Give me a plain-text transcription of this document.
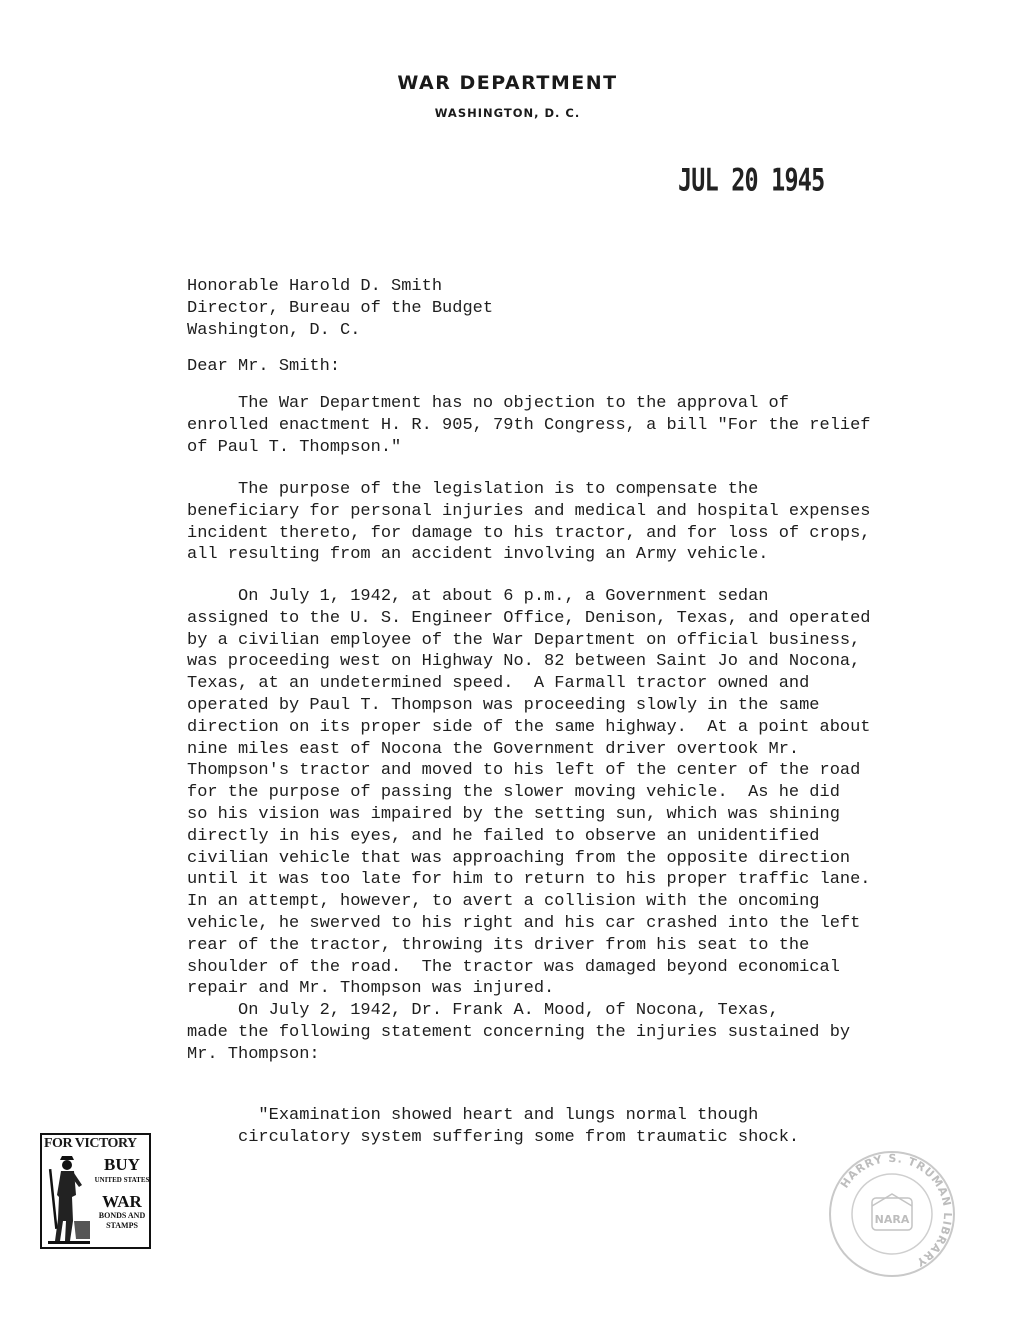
WAR DEPARTMENT
WASHINGTON, D. C.
JUL 20 1945
Honorable Harold D. Smith
Director, Bureau of the Budget
Washington, D. C.
Dear Mr. Smith:
The War Department has no objection to the approval of
enrolled enactment H. R. 905, 79th Congress, a bill "For the relief
of Paul T. Thompson."
The purpose of the legislation is to compensate the
beneficiary for personal injuries and medical and hospital expenses
incident thereto, for damage to his tractor, and for loss of crops,
all resulting from an accident involving an Army vehicle.
On July 1, 1942, at about 6 p.m., a Government sedan
assigned to the U. S. Engineer Office, Denison, Texas, and operated
by a civilian employee of the War Department on official business,
was proceeding west on Highway No. 82 between Saint Jo and Nocona,
Texas, at an undetermined speed.  A Farmall tractor owned and
operated by Paul T. Thompson was proceeding slowly in the same
direction on its proper side of the same highway.  At a point about
nine miles east of Nocona the Government driver overtook Mr.
Thompson's tractor and moved to his left of the center of the road
for the purpose of passing the slower moving vehicle.  As he did
so his vision was impaired by the setting sun, which was shining
directly in his eyes, and he failed to observe an unidentified
civilian vehicle that was approaching from the opposite direction
until it was too late for him to return to his proper traffic lane.
In an attempt, however, to avert a collision with the oncoming
vehicle, he swerved to his right and his car crashed into the left
rear of the tractor, throwing its driver from his seat to the
shoulder of the road.  The tractor was damaged beyond economical
repair and Mr. Thompson was injured.
On July 2, 1942, Dr. Frank A. Mood, of Nocona, Texas,
made the following statement concerning the injuries sustained by
Mr. Thompson:
"Examination showed heart and lungs normal though
circulatory system suffering some from traumatic shock.
FOR VICTORY
BUY
UNITED STATES
WAR
BONDS AND STAMPS
HARRY S. TRUMAN LIBRARY
NARA
